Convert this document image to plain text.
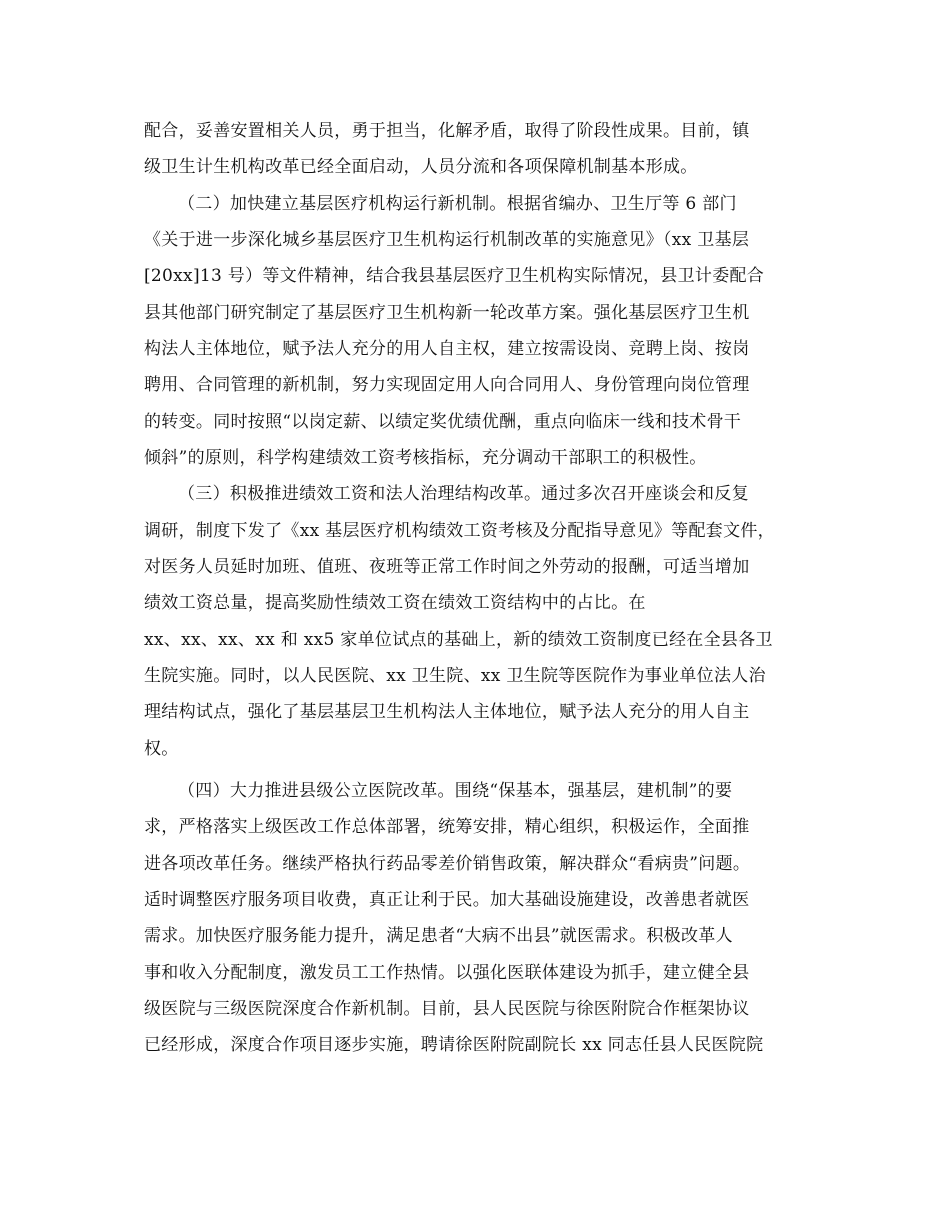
配合，妥善安置相关人员，勇于担当，化解矛盾，取得了阶段性成果。目前，镇
级卫生计生机构改革已经全面启动，人员分流和各项保障机制基本形成。
（二）加快建立基层医疗机构运行新机制。根据省编办、卫生厅等 6 部门
《关于进一步深化城乡基层医疗卫生机构运行机制改革的实施意见》（xx 卫基层
[20xx]13 号）等文件精神，结合我县基层医疗卫生机构实际情况，县卫计委配合
县其他部门研究制定了基层医疗卫生机构新一轮改革方案。强化基层医疗卫生机
构法人主体地位，赋予法人充分的用人自主权，建立按需设岗、竞聘上岗、按岗
聘用、合同管理的新机制，努力实现固定用人向合同用人、身份管理向岗位管理
的转变。同时按照“以岗定薪、以绩定奖优绩优酬，重点向临床一线和技术骨干
倾斜”的原则，科学构建绩效工资考核指标，充分调动干部职工的积极性。
（三）积极推进绩效工资和法人治理结构改革。通过多次召开座谈会和反复
调研，制度下发了《xx 基层医疗机构绩效工资考核及分配指导意见》等配套文件，
对医务人员延时加班、值班、夜班等正常工作时间之外劳动的报酬，可适当增加
绩效工资总量，提高奖励性绩效工资在绩效工资结构中的占比。在
xx、xx、xx、xx 和 xx5 家单位试点的基础上，新的绩效工资制度已经在全县各卫
生院实施。同时，以人民医院、xx 卫生院、xx 卫生院等医院作为事业单位法人治
理结构试点，强化了基层基层卫生机构法人主体地位，赋予法人充分的用人自主
权。
（四）大力推进县级公立医院改革。围绕“保基本，强基层，建机制”的要
求，严格落实上级医改工作总体部署，统筹安排，精心组织，积极运作，全面推
进各项改革任务。继续严格执行药品零差价销售政策，解决群众“看病贵”问题。
适时调整医疗服务项目收费，真正让利于民。加大基础设施建设，改善患者就医
需求。加快医疗服务能力提升，满足患者“大病不出县”就医需求。积极改革人
事和收入分配制度，激发员工工作热情。以强化医联体建设为抓手，建立健全县
级医院与三级医院深度合作新机制。目前，县人民医院与徐医附院合作框架协议
已经形成，深度合作项目逐步实施，聘请徐医附院副院长 xx 同志任县人民医院院
